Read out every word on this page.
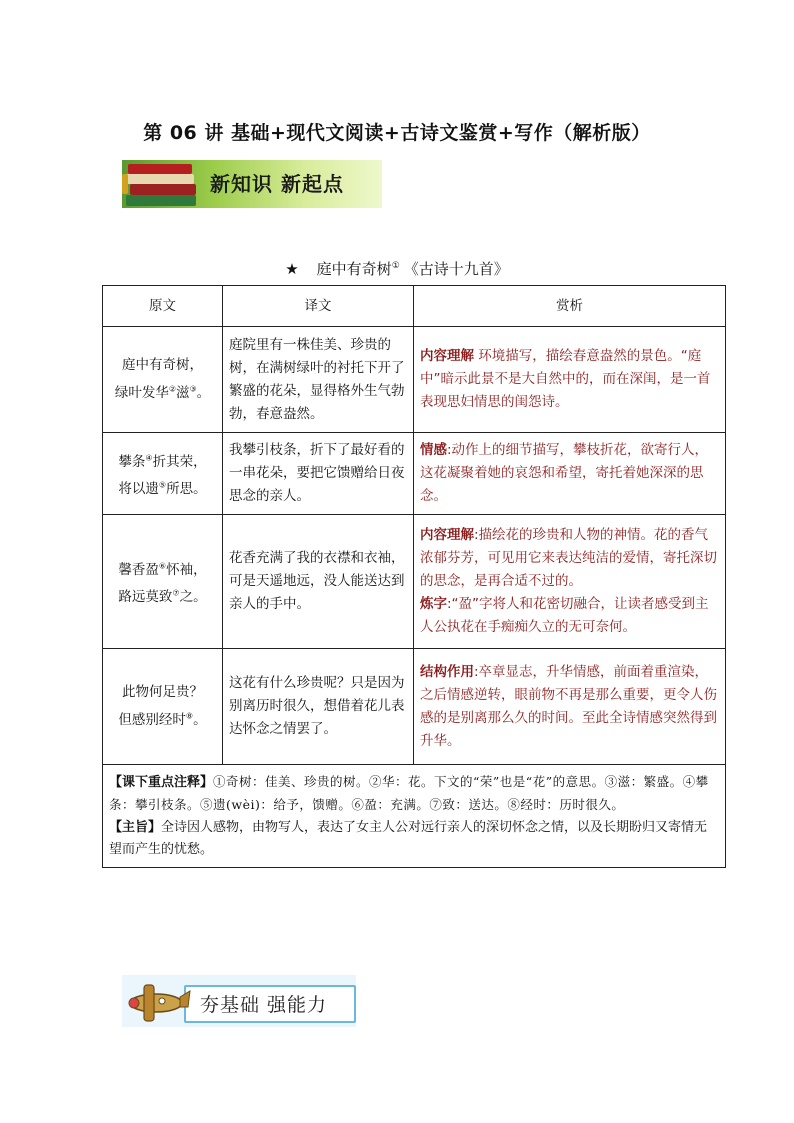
第 06 讲 基础+现代文阅读+古诗文鉴赏+写作（解析版）
新知识 新起点
★ 庭中有奇树① 《古诗十九首》
原文	译文	赏析
庭中有奇树，
绿叶发华②滋③。	庭院里有一株佳美、珍贵的树，在满树绿叶的衬托下开了繁盛的花朵，显得格外生气勃勃，春意盎然。	内容理解 环境描写，描绘春意盎然的景色。“庭中”暗示此景不是大自然中的，而在深闺，是一首表现思妇情思的闺怨诗。
攀条④折其荣，
将以遗⑤所思。	我攀引枝条，折下了最好看的一串花朵，要把它馈赠给日夜思念的亲人。	情感:动作上的细节描写，攀枝折花，欲寄行人，这花凝聚着她的哀怨和希望，寄托着她深深的思念。
馨香盈⑥怀袖，
路远莫致⑦之。	花香充满了我的衣襟和衣袖，可是天遥地远，没人能送达到亲人的手中。	内容理解:描绘花的珍贵和人物的神情。花的香气浓郁芬芳，可见用它来表达纯洁的爱情，寄托深切的思念，是再合适不过的。
炼字:“盈”字将人和花密切融合，让读者感受到主人公执花在手痴痴久立的无可奈何。
此物何足贵？
但感别经时⑧。	这花有什么珍贵呢？只是因为别离历时很久，想借着花儿表达怀念之情罢了。	结构作用:卒章显志，升华情感，前面着重渲染，之后情感逆转，眼前物不再是那么重要，更令人伤感的是别离那么久的时间。至此全诗情感突然得到升华。
【课下重点注释】①奇树：佳美、珍贵的树。②华：花。下文的“荣”也是“花”的意思。③滋：繁盛。④攀条：攀引枝条。⑤遗(wèi)：给予，馈赠。⑥盈：充满。⑦致：送达。⑧经时：历时很久。
【主旨】全诗因人感物，由物写人，表达了女主人公对远行亲人的深切怀念之情，以及长期盼归又寄情无望而产生的忧愁。		
夯基础 强能力
